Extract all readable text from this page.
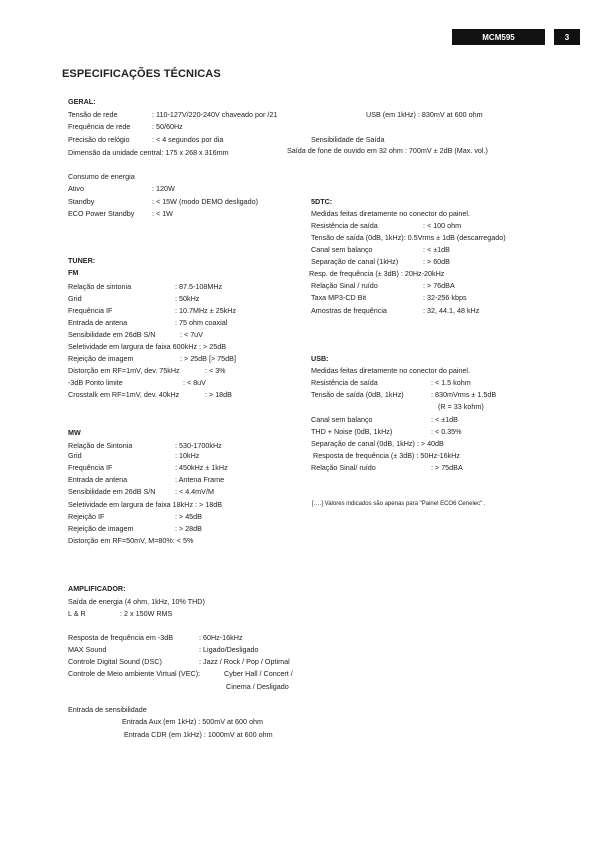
MCM595	3
ESPECIFICAÇÕES TÉCNICAS
GERAL:
Tensão de rede	: 110-127V/220-240V chaveado por /21
Frequência de rede	: 50/60Hz
Precisão do relógio	: < 4 segundos por dia
Dimensão da unidade central: 175 x 268 x 316mm
Consumo de energia
Ativo	: 120W
Standby	: < 15W (modo DEMO desligado)
ECO Power Standby : < 1W
TUNER:
FM
Relação de sintonia	: 87.5-108MHz
Grid	: 50kHz
Frequência IF	: 10.7MHz ± 25kHz
Entrada de antena	: 75 ohm coaxial
Sensibilidade em 26dB S/N	: < 7uV
Seletividade em largura de faixa 600kHz : > 25dB
Rejeição de imagem	: > 25dB [> 75dB]
Distorção em RF=1mV, dev. 75kHz	: < 3%
-3dB Ponto limite	: < 8uV
Crosstalk em RF=1mV, dev. 40kHz	: > 18dB
MW
Relação de Sintonia	: 530-1700kHz
Grid	: 10kHz
Frequência IF	: 450kHz ± 1kHz
Entrada de antena	: Antena Frame
Sensibilidade em 26dB S/N	: < 4.4mV/M
Seletividade em largura de faixa 18kHz : > 18dB
Rejeição IF	: > 45dB
Rejeição de imagem	: > 28dB
Distorção em RF=50mV, M=80%: < 5%
AMPLIFICADOR:
Saída de energia (4 ohm, 1kHz, 10% THD)
L & R	: 2 x 150W RMS
Resposta de frequência em -3dB	: 60Hz-16kHz
MAX Sound	: Ligado/Desligado
Controle Digital Sound (DSC)	: Jazz / Rock / Pop / Optimal
Controle de Meio ambiente Virtual (VEC):	Cyber Hall / Concert /
Cinema / Desligado
Entrada de sensibilidade
Entrada Aux (em 1kHz) : 500mV at 600 ohm
Entrada CDR (em 1kHz) : 1000mV at 600 ohm
USB (em 1kHz) : 830mV at 600 ohm
Sensibilidade de Saída
Saída de fone de ouvido em 32 ohm : 700mV ± 2dB (Max. vol.)
5DTC:
Medidas feitas diretamente no conector do painel.
Resistência de saída	: < 100 ohm
Tensão de saída (0dB, 1kHz): 0.5Vrms ± 1dB (descarregado)
Canal sem balanço	: < ±1dB
Separação de canal (1kHz)	: > 60dB
Resp. de frequência (± 3dB) : 20Hz-20kHz
Relação Sinal / ruído	: > 76dBA
Taxa MP3-CD Bit	: 32-256 kbps
Amostras de frequência	: 32, 44.1, 48 kHz
USB:
Medidas feitas diretamente no conector do painel.
Resistência de saída	: < 1.5 kohm
Tensão de saída (0dB, 1kHz)	: 830mVrms ± 1.5dB
(R = 33 kohm)
Canal sem balanço	: < ±1dB
THD + Noise (0dB, 1kHz)	: < 0.35%
Separação de canal (0dB, 1kHz) : > 40dB
Resposta de frequência (± 3dB) : 50Hz-16kHz
Relação Sinal/ ruído	: > 75dBA
[….] Valores indicados são apenas para "Painel ECO6 Cenelec" .
